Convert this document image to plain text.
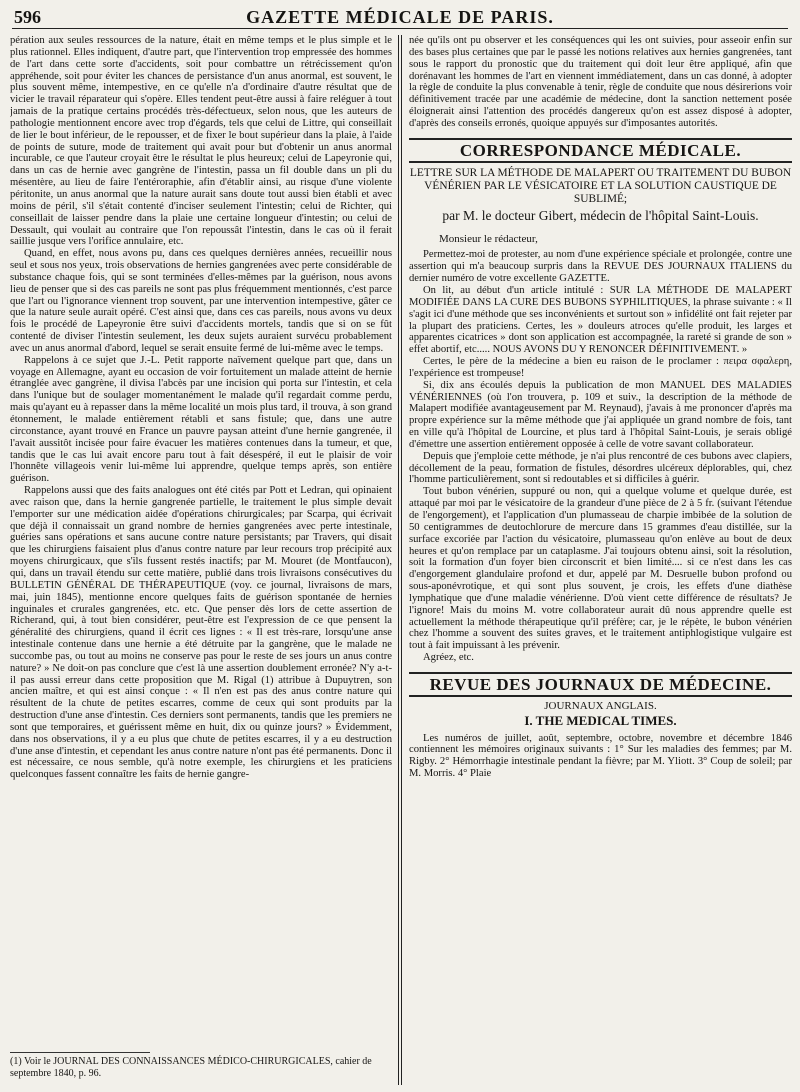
596	GAZETTE MÉDICALE DE PARIS.

pération aux seules ressources de la nature, était en même temps et le plus simple et le plus rationnel. Elles indiquent, d'autre part, que l'intervention trop empressée des hommes de l'art dans cette sorte d'accidents, soit pour combattre un rétrécissement qu'on appréhende, soit pour éviter les chances de persistance d'un anus anormal, est souvent, le plus souvent même, intempestive, en ce qu'elle n'a d'ordinaire d'autre résultat que de vicier le travail réparateur qui s'opère. Elles tendent peut-être aussi à faire reléguer à tout jamais de la pratique certains procédés très-défectueux, selon nous, que les auteurs de pathologie mentionnent encore avec trop d'égards, tels que celui de Littre, qui conseillait de lier le bout inférieur, de le repousser, et de fixer le bout supérieur dans la plaie, à l'aide de points de suture, mode de traitement qui avait pour but d'obtenir un anus anormal incurable, ce que l'auteur croyait être le résultat le plus heureux; celui de Lapeyronie qui, dans un cas de hernie avec gangrène de l'intestin, passa un fil double dans un pli du mésentère, au lieu de faire l'entéroraphie, afin d'établir ainsi, au risque d'une violente péritonite, un anus anormal que la nature aurait sans doute tout aussi bien établi et avec moins de péril, s'il s'était contenté d'inciser seulement l'intestin; celui de Richter, qui conseillait de laisser pendre dans la plaie une certaine longueur d'intestin; ou celui de Dessault, qui voulait au contraire que l'on repoussât l'intestin, dans le cas où il ferait saillie jusque vers l'orifice annulaire, etc.

Quand, en effet, nous avons pu, dans ces quelques dernières années, recueillir nous seul et sous nos yeux, trois observations de hernies gangrenées avec perte considérable de substance chaque fois, qui se sont terminées d'elles-mêmes par la guérison, nous avons lieu de penser que si des cas pareils ne sont pas plus fréquemment mentionnés, c'est parce que l'art ou l'ignorance viennent trop souvent, par une intervention intempestive, gâter ce que la nature seule aurait opéré. C'est ainsi que, dans ces cas pareils, nous avons vu deux fois le procédé de Lapeyronie être suivi d'accidents mortels, tandis que si on se fût contenté de diviser l'intestin seulement, les deux sujets auraient survécu probablement avec un anus anormal d'abord, lequel se serait ensuite fermé de lui-même avec le temps.

Rappelons à ce sujet que J.-L. Petit rapporte naïvement quelque part que, dans un voyage en Allemagne, ayant eu occasion de voir fortuitement un malade atteint de hernie étranglée avec gangrène, il divisa l'abcès par une incision qui porta sur l'intestin, et cela dans l'unique but de soulager momentanément le malade qu'il regardait comme perdu, mais qu'ayant eu à repasser dans la même localité un mois plus tard, il trouva, à son grand étonnement, le malade entièrement rétabli et sans fistule; que, dans une autre circonstance, ayant trouvé en France un pauvre paysan atteint d'une hernie gangrenée, il l'avait aussitôt incisée pour faire évacuer les matières contenues dans la tumeur, et que, tandis que le cas lui avait encore paru tout à fait désespéré, il eut le plaisir de voir l'honnête villageois venir lui-même lui apprendre, quelque temps après, son entière guérison.

Rappelons aussi que des faits analogues ont été cités par Pott et Ledran, qui opinaient avec raison que, dans la hernie gangrenée partielle, le traitement le plus simple devait l'emporter sur une médication aidée d'opérations chirurgicales; par Scarpa, qui écrivait que déjà il connaissait un grand nombre de hernies gangrenées avec perte intestinale, guéries sans opérations et sans aucune contre nature persistants; par Travers, qui disait que les chirurgiens faisaient plus d'anus contre nature par leur recours trop précipité aux moyens chirurgicaux, que s'ils fussent restés inactifs; par M. Mouret (de Montfaucon), qui, dans un travail étendu sur cette matière, publié dans trois livraisons consécutives du BULLETIN GÉNÉRAL DE THÉRAPEUTIQUE (voy. ce journal, livraisons de mars, mai, juin 1845), mentionne encore quelques faits de guérison spontanée de hernies inguinales et crurales gangrenées, etc. etc. Que penser dès lors de cette assertion de Richerand, qui, à tout bien considérer, peut-être est l'expression de ce que pensent la généralité des chirurgiens, quand il écrit ces lignes : « Il est très-rare, lorsqu'une anse intestinale contenue dans une hernie a été détruite par la gangrène, que le malade ne succombe pas, ou tout au moins ne conserve pas pour le reste de ses jours un anus contre nature? » Ne doit-on pas conclure que c'est là une assertion doublement erronée? N'y a-t-il pas aussi erreur dans cette proposition que M. Rigal (1) attribue à Dupuytren, son ancien maître, et qui est ainsi conçue : « Il n'en est pas des anus contre nature qui résultent de la chute de petites escarres, comme de ceux qui sont produits par la destruction d'une anse d'intestin. Ces derniers sont permanents, tandis que les premiers ne sont que temporaires, et guérissent même en huit, dix ou quinze jours? » Évidemment, dans nos observations, il y a eu plus que chute de petites escarres, il y a eu destruction d'une anse d'intestin, et cependant les anus contre nature n'ont pas été permanents. Donc il est nécessaire, ce nous semble, qu'à notre exemple, les chirurgiens et les praticiens quelconques fassent connaître les faits de hernie gangre-

(1) Voir le JOURNAL DES CONNAISSANCES MÉDICO-CHIRURGICALES, cahier de septembre 1840, p. 96.

née qu'ils ont pu observer et les conséquences qui les ont suivies, pour asseoir enfin sur des bases plus certaines que par le passé les notions relatives aux hernies gangrenées, tant sous le rapport du pronostic que du traitement qui doit leur être appliqué, afin que dorénavant les hommes de l'art en viennent immédiatement, dans un cas donné, à adopter la règle de conduite la plus convenable à tenir, règle de conduite que nous désirerions voir définitivement tracée par une académie de médecine, dont la sanction nettement posée éloignerait ainsi l'attention des procédés dangereux qu'on est assez disposé à adopter, d'après des conseils erronés, quoique appuyés sur d'imposantes autorités.

CORRESPONDANCE MÉDICALE.
LETTRE SUR LA MÉTHODE DE MALAPERT OU TRAITEMENT DU BUBON VÉNÉRIEN PAR LE VÉSICATOIRE ET LA SOLUTION CAUSTIQUE DE SUBLIMÉ;
par M. le docteur Gibert, médecin de l'hôpital Saint-Louis.
Monsieur le rédacteur,

Permettez-moi de protester, au nom d'une expérience spéciale et prolongée, contre une assertion qui m'a beaucoup surpris dans la REVUE DES JOURNAUX ITALIENS du dernier numéro de votre excellente GAZETTE.

On lit, au début d'un article intitulé : SUR LA MÉTHODE DE MALAPERT MODIFIÉE DANS LA CURE DES BUBONS SYPHILITIQUES, la phrase suivante : « Il s'agit ici d'une méthode que ses inconvénients et surtout son » infidélité ont fait rejeter par la plupart des praticiens. Certes, les » douleurs atroces qu'elle produit, les larges et apparentes cicatrices » dont son application est accompagnée, la rareté si grande de son » effet abortif, etc..... NOUS AVONS DU Y RENONCER DÉFINITIVEMENT. »

Certes, le père de la médecine a bien eu raison de le proclamer : πειρα σφαλερη, l'expérience est trompeuse!

Si, dix ans écoulés depuis la publication de mon MANUEL DES MALADIES VÉNÉRIENNES (où l'on trouvera, p. 109 et suiv., la description de la méthode de Malapert modifiée avantageusement par M. Reynaud), j'avais à me prononcer d'après ma propre expérience sur la même méthode que j'ai appliquée un grand nombre de fois, tant en ville qu'à l'hôpital de Lourcine, et plus tard à l'hôpital Saint-Louis, je serais obligé d'émettre une assertion entièrement opposée à celle de votre savant collaborateur.

Depuis que j'emploie cette méthode, je n'ai plus rencontré de ces bubons avec clapiers, décollement de la peau, formation de fistules, désordres ulcéreux déplorables, qui, chez l'homme particulièrement, sont si redoutables et si difficiles à guérir.

Tout bubon vénérien, suppuré ou non, qui a quelque volume et quelque durée, est attaqué par moi par le vésicatoire de la grandeur d'une pièce de 2 à 5 fr. (suivant l'étendue de l'engorgement), et l'application d'un plumasseau de charpie imbibée de la solution de 50 centigrammes de deutochlorure de mercure dans 15 grammes d'eau distillée, sur la surface excoriée par l'action du vésicatoire, plumasseau qu'on enlève au bout de deux heures et qu'on remplace par un cataplasme. J'ai toujours obtenu ainsi, soit la résolution, soit la formation d'un foyer bien circonscrit et bien limité.... si ce n'est dans les cas d'engorgement glandulaire profond et dur, appelé par M. Desruelle bubon profond ou sous-aponévrotique, et qui sont plus souvent, je crois, les effets d'une diathèse lymphatique que d'une maladie vénérienne. D'où vient cette différence de résultats? Je l'ignore! Mais du moins M. votre collaborateur aurait dû nous apprendre quelle est actuellement la méthode thérapeutique qu'il préfère; car, je le répète, le bubon vénérien chez l'homme a souvent des suites graves, et le traitement antiphlogistique vulgaire est tout à fait impuissant à les prévenir.

Agréez, etc.

REVUE DES JOURNAUX DE MÉDECINE.
JOURNAUX ANGLAIS.
I. THE MEDICAL TIMES.

Les numéros de juillet, août, septembre, octobre, novembre et décembre 1846 contiennent les mémoires originaux suivants : 1° Sur les maladies des femmes; par M. Rigby. 2° Hémorrhagie intestinale pendant la fièvre; par M. Yliott. 3° Coup de soleil; par M. Morris. 4° Plaie
